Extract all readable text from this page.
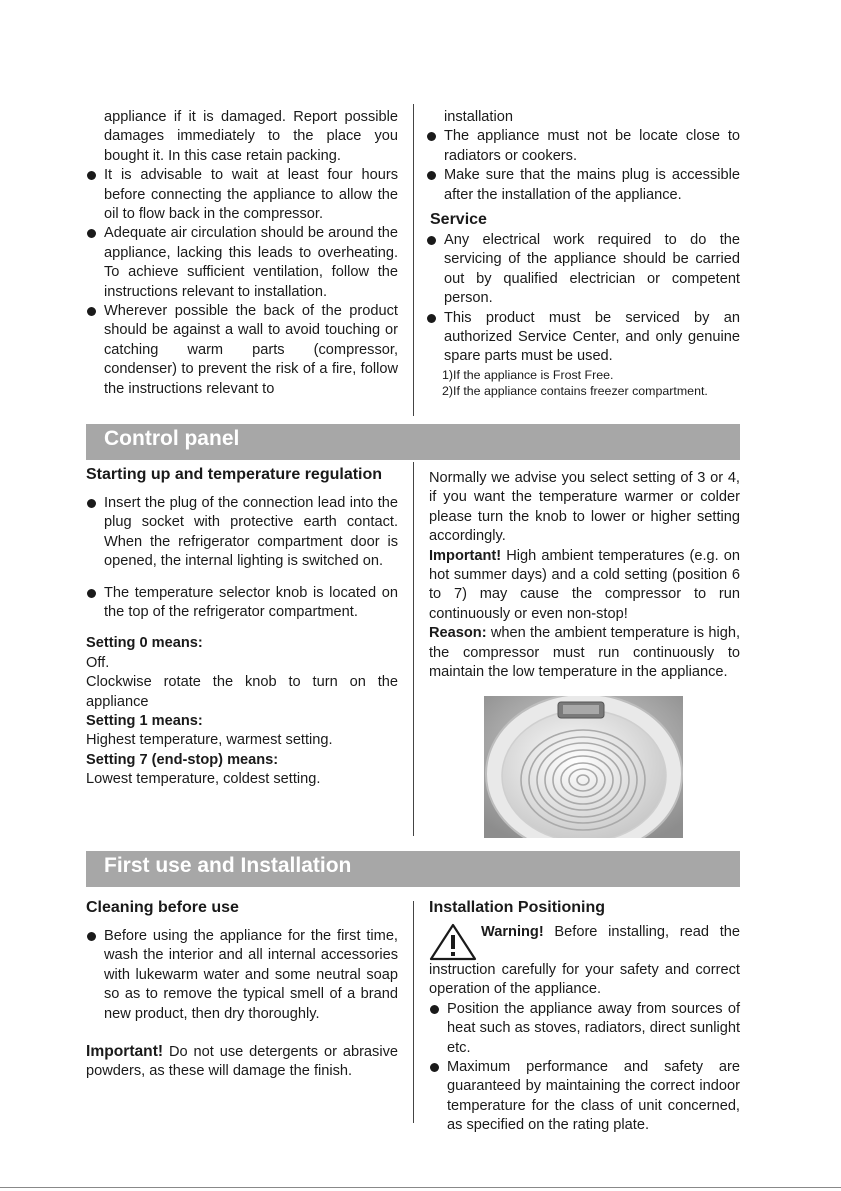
appliance if it is damaged. Report possible damages immediately to the place you bought it. In this case retain packing.

It is advisable to wait at least four hours before connecting the appliance to allow the oil to flow back in the compressor.

Adequate air circulation should be around the appliance, lacking this leads to overheating. To achieve sufficient ventilation, follow the instructions relevant to installation.

Wherever possible the back of the product should be against a wall to avoid touching or catching warm parts (compressor, condenser) to prevent the risk of a fire, follow the instructions relevant to

installation

The appliance must not be locate close to radiators or cookers.

Make sure that the mains plug is accessible after the installation of the appliance.

Service

Any electrical work required to do the servicing of the appliance should be carried out by qualified electrician or competent person.

This product must be serviced by an authorized Service Center, and only genuine spare parts must be used.

1)If the appliance is Frost Free.

2)If the appliance contains freezer compartment.

Control panel

Starting up and temperature regulation

Insert the plug of the connection lead into the plug socket with protective earth contact. When the refrigerator compartment door is opened, the internal lighting is switched on.

The temperature selector knob is located on the top of the refrigerator compartment.

Setting 0 means:

Off.

Clockwise rotate the knob to turn on the appliance

Setting 1 means:

Highest temperature, warmest setting.

Setting 7 (end-stop) means:

Lowest temperature, coldest setting.

Normally we advise you select setting of 3 or 4, if you want the temperature warmer or colder please turn the knob to lower or higher setting accordingly.

Important! High ambient temperatures (e.g. on hot summer days) and a cold setting (position 6 to 7) may cause the compressor to run continuously or even non-stop!

Reason: when the ambient temperature is high, the compressor must run continuously to maintain the low temperature in the appliance.

First use and Installation

Cleaning before use

Before using the appliance for the first time, wash the interior and all internal accessories with lukewarm water and some neutral soap so as to remove the typical smell of a brand new product, then dry thoroughly.

Important! Do not use detergents or abrasive powders, as these will damage the finish.

Installation Positioning

Warning! Before installing, read the instruction carefully for your safety and correct operation of the appliance.

Position the appliance away from sources of heat such as stoves, radiators, direct sunlight etc.

Maximum performance and safety are guaranteed by maintaining the correct indoor temperature for the class of unit concerned, as specified on the rating plate.
